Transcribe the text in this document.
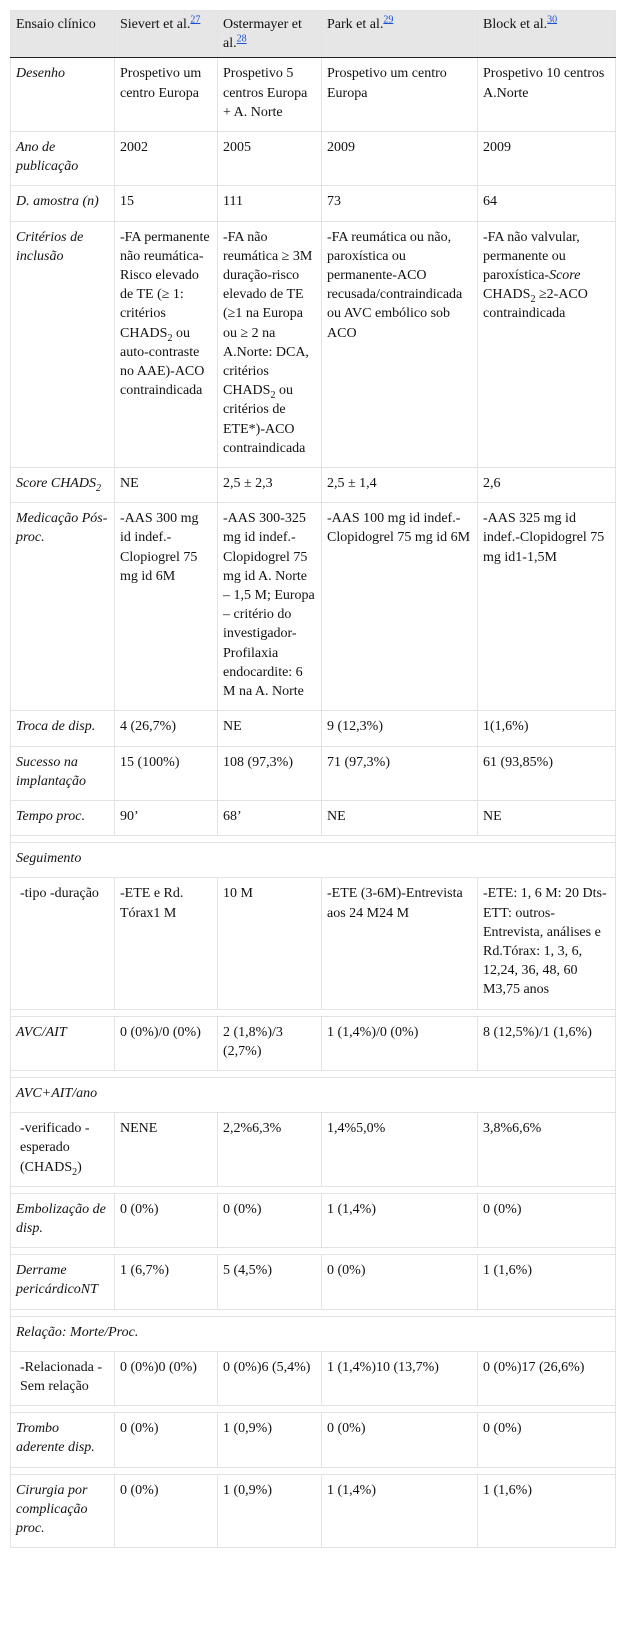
Ensaio clínico	Sievert et al.$^{27}$	Ostermayer et al.$^{28}$	Park et al.$^{29}$	Block et al.$^{30}$
Desenho	Prospetivo um centro Europa	Prospetivo 5 centros Europa + A. Norte	Prospetivo um centro Europa	Prospetivo 10 centros A.Norte
Ano de publicação	2002	2005	2009	2009
D. amostra (n)	15	111	73	64
Critérios de inclusão	-FA permanente não reumática-Risco elevado de TE (≥ 1: critérios $CHADS_2$ ou auto-contraste no AAE)-ACO contraindicada	-FA não reumática ≥ 3M duração-risco elevado de TE (≥1 na Europa ou ≥ 2 na A.Norte: DCA, critérios $CHADS_2$ ou critérios de ETE*)-ACO contraindicada	-FA reumática ou não, paroxística ou permanente-ACO recusada/contraindicada ou AVC embólico sob ACO	-FA não valvular, permanente ou paroxística-Score $CHADS_2 \ge 2-ACO$ contraindicada
Score $CHADS_2$	NE	2,5 ± 2,3	2,5 ± 1,4	2,6
Medicação Pós-proc.	-AAS 300 mg id indef.-Clopiogrel 75 mg id 6M	-AAS 300-325 mg id indef.-Clopidogrel 75 mg id A. Norte – 1,5 M; Europa – critério do investigador-Profilaxia endocardite: 6 M na A. Norte	-AAS 100 mg id indef.-Clopidogrel 75 mg id 6M	-AAS 325 mg id indef.-Clopidogrel 75 mg id1-1,5M
Troca de disp.	4 (26,7%)	NE	9 (12,3%)	1(1,6%)
Sucesso na implantação	15 (100%)	108 (97,3%)	71 (97,3%)	61 (93,85%)
Tempo proc.	90’	68’	NE	NE

Seguimento				
-tipo -duração	-ETE e Rd. Tórax1 M	10 M	-ETE (3-6M)-Entrevista aos 24 M24 M	-ETE: 1, 6 M: 20 Dts-ETT: outros-Entrevista, análises e Rd.Tórax: 1, 3, 6, 12,24, 36, 48, 60 M3,75 anos

AVC/AIT	0 (0%)/0 (0%)	2 (1,8%)/3 (2,7%)	1 (1,4%)/0 (0%)	8 (12,5%)/1 (1,6%)

AVC+AIT/ano				
-verificado -esperado $(CHADS_2)$	NENE	2,2%6,3%	1,4%5,0%	3,8%6,6%

Embolização de disp.	0 (0%)	0 (0%)	1 (1,4%)	0 (0%)

Derrame pericárdicoNT	1 (6,7%)	5 (4,5%)	0 (0%)	1 (1,6%)

Relação: Morte/Proc.				
-Relacionada -Sem relação	0 (0%)0 (0%)	0 (0%)6 (5,4%)	1 (1,4%)10 (13,7%)	0 (0%)17 (26,6%)

Trombo aderente disp.	0 (0%)	1 (0,9%)	0 (0%)	0 (0%)

Cirurgia por complicação proc.	0 (0%)	1 (0,9%)	1 (1,4%)	1 (1,6%)
